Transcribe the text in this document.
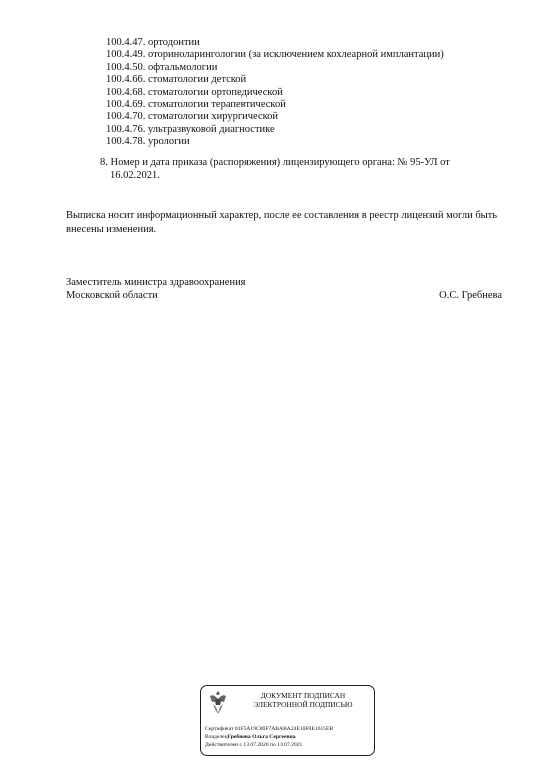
100.4.47. ортодонтии
100.4.49. оториноларингологии (за исключением кохлеарной имплантации)
100.4.50. офтальмологии
100.4.66. стоматологии детской
100.4.68. стоматологии ортопедической
100.4.69. стоматологии терапевтической
100.4.70. стоматологии хирургической
100.4.76. ультразвуковой диагностике
100.4.78. урологии
8. Номер и дата приказа (распоряжения) лицензирующего органа: № 95-УЛ от
16.02.2021.
Выписка носит информационный характер, после ее составления в реестр лицензий могли быть внесены изменения.
Заместитель министра здравоохранения
Московской области	О.С. Гребнева
ДОКУМЕНТ ПОДПИСАН
ЭЛЕКТРОННОЙ ПОДПИСЬЮ
Сертификат 01F5A19C00F7ABABA24E10F0E1615EB
ВладелецГребнева Ольга Сергеевна
Действителен с 13.07.2020 по 13.07.2021
